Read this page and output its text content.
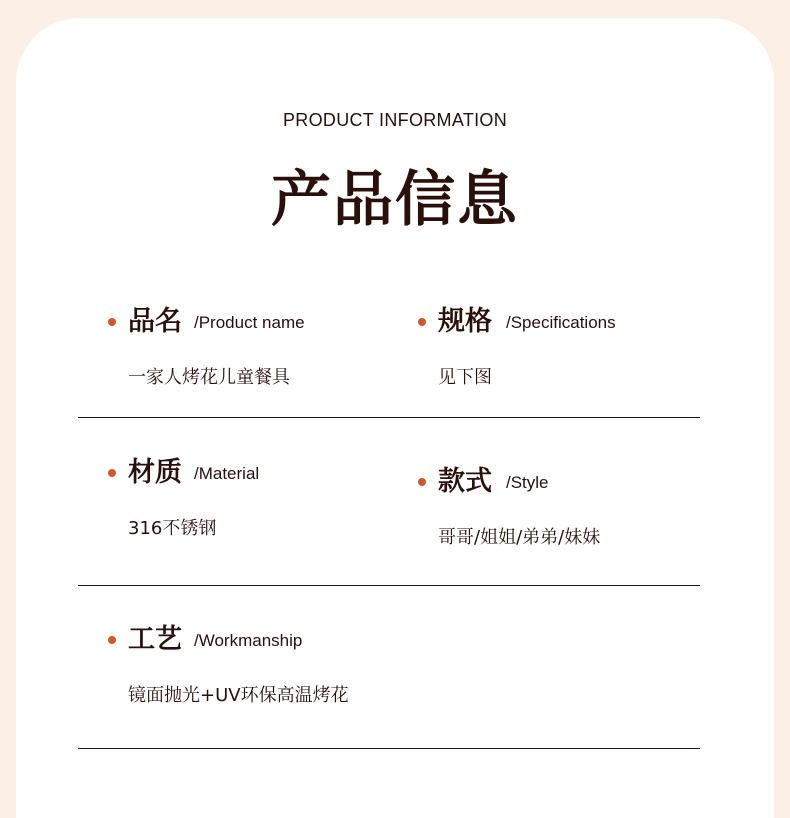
PRODUCT INFORMATION
产品信息
品名 /Product name
一家人烤花儿童餐具
规格 /Specifications
见下图
材质 /Material
316不锈钢
款式 /Style
哥哥/姐姐/弟弟/妹妹
工艺 /Workmanship
镜面抛光+UV环保高温烤花
